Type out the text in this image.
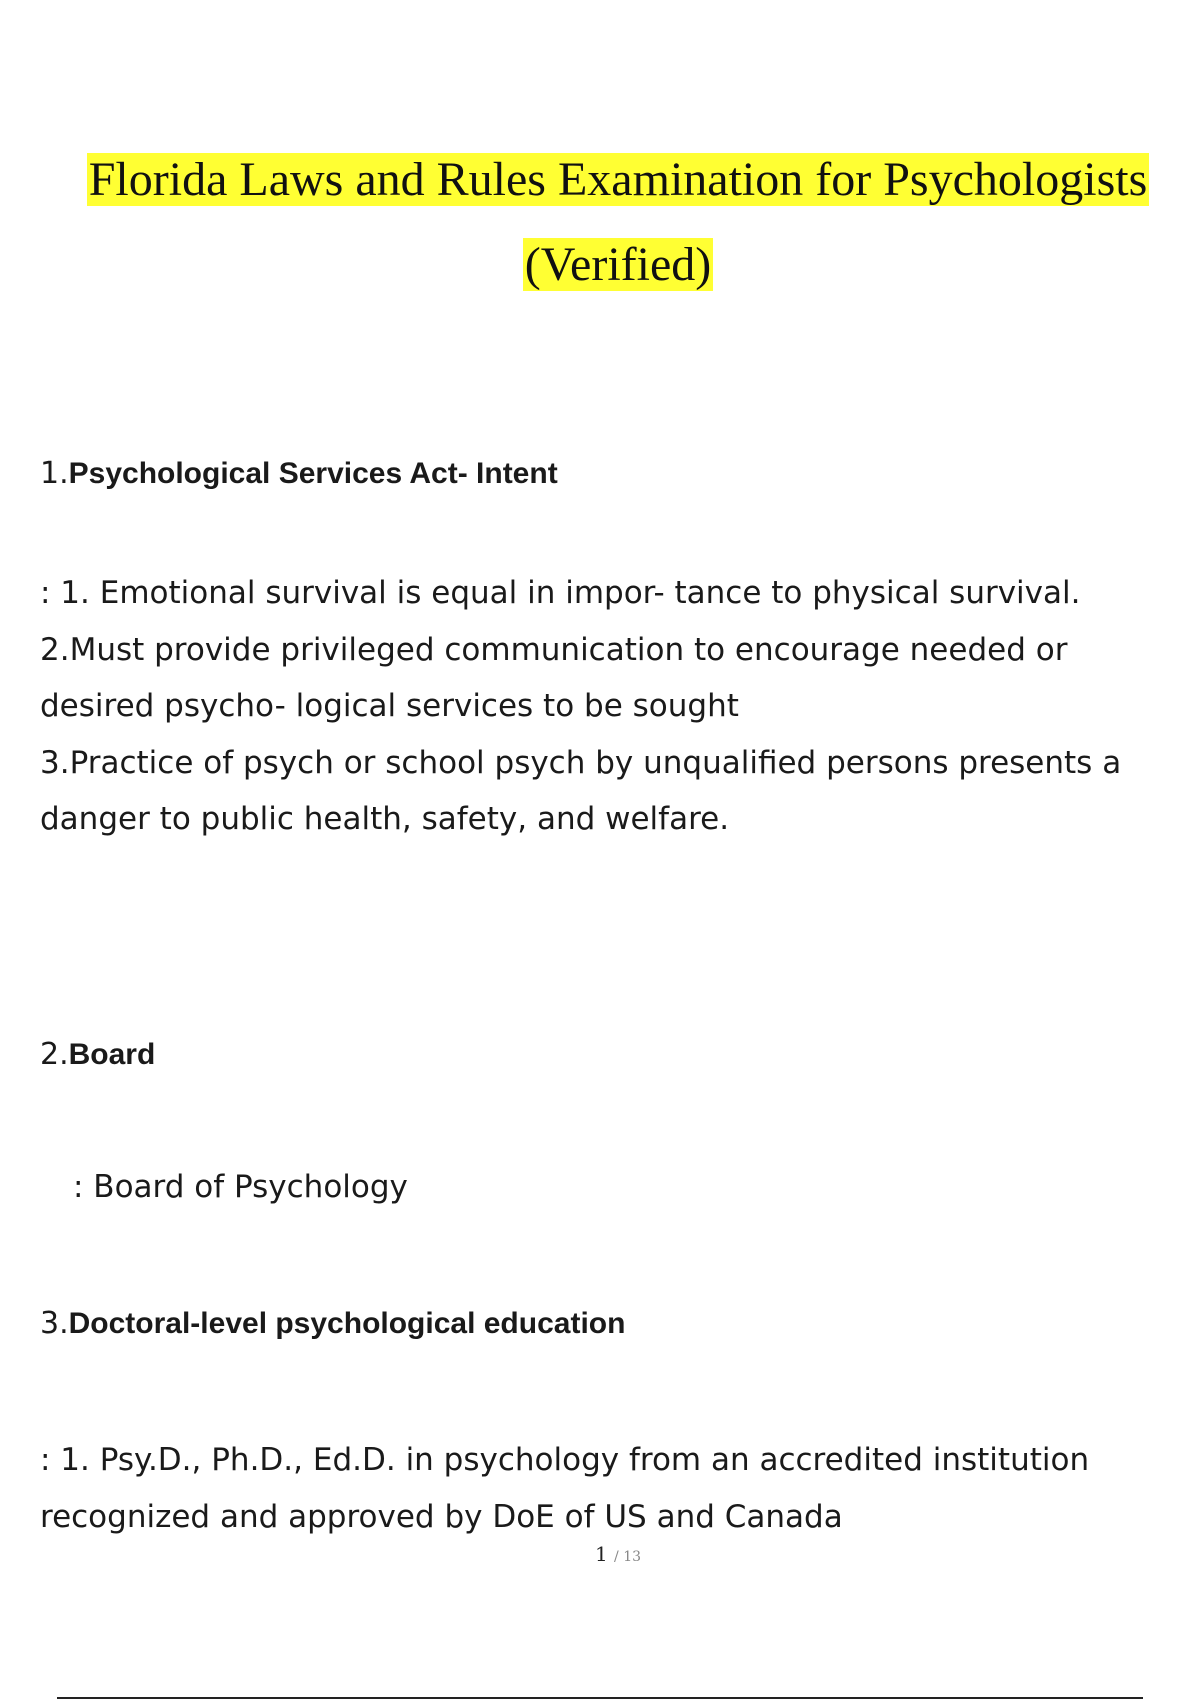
Florida Laws and Rules Examination for Psychologists
(Verified)
1.Psychological Services Act- Intent
: 1. Emotional survival is equal in impor- tance to physical survival.
2.Must provide privileged communication to encourage needed or
desired psycho- logical services to be sought
3.Practice of psych or school psych by unqualified persons presents a
danger to public health, safety, and welfare.
2.Board
: Board of Psychology
3.Doctoral-level psychological education
: 1. Psy.D., Ph.D., Ed.D. in psychology from an accredited institution
recognized and approved by DoE of US and Canada
1 / 13
